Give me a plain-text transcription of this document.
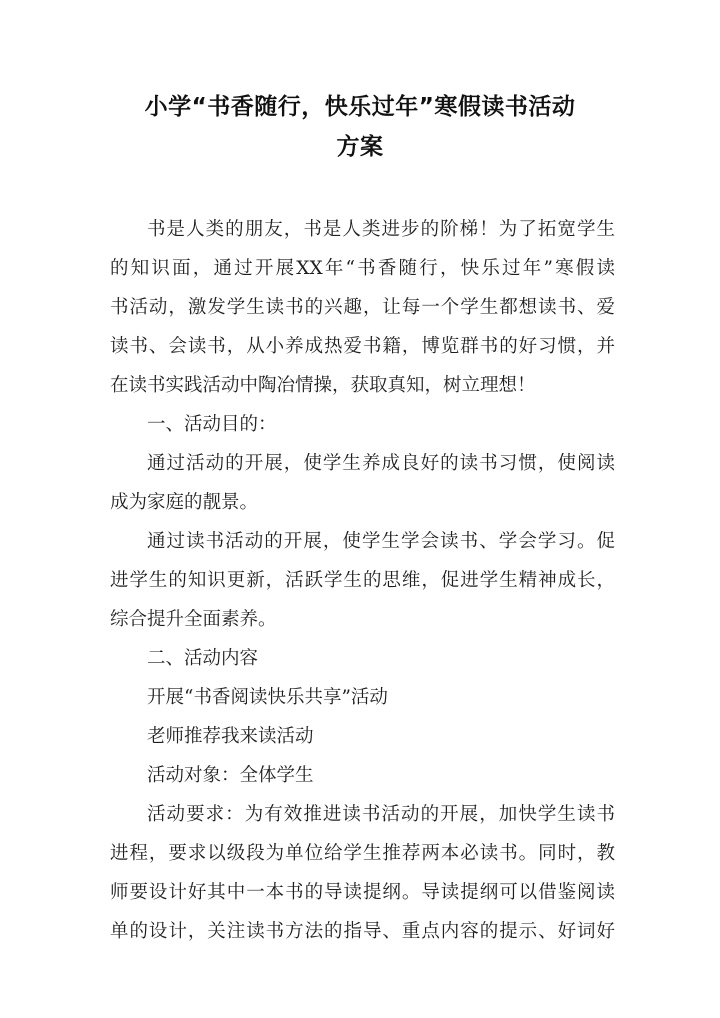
小学“书香随行，快乐过年”寒假读书活动
方案
书是人类的朋友，书是人类进步的阶梯！为了拓宽学生
的知识面，通过开展XX年“书香随行，快乐过年”寒假读
书活动，激发学生读书的兴趣，让每一个学生都想读书、爱
读书、会读书，从小养成热爱书籍，博览群书的好习惯，并
在读书实践活动中陶冶情操，获取真知，树立理想！
一、活动目的：
通过活动的开展，使学生养成良好的读书习惯，使阅读
成为家庭的靓景。
通过读书活动的开展，使学生学会读书、学会学习。促
进学生的知识更新，活跃学生的思维，促进学生精神成长，
综合提升全面素养。
二、活动内容
开展“书香阅读快乐共享”活动
老师推荐我来读活动
活动对象：全体学生
活动要求：为有效推进读书活动的开展，加快学生读书
进程，要求以级段为单位给学生推荐两本必读书。同时，教
师要设计好其中一本书的导读提纲。导读提纲可以借鉴阅读
单的设计，关注读书方法的指导、重点内容的提示、好词好
